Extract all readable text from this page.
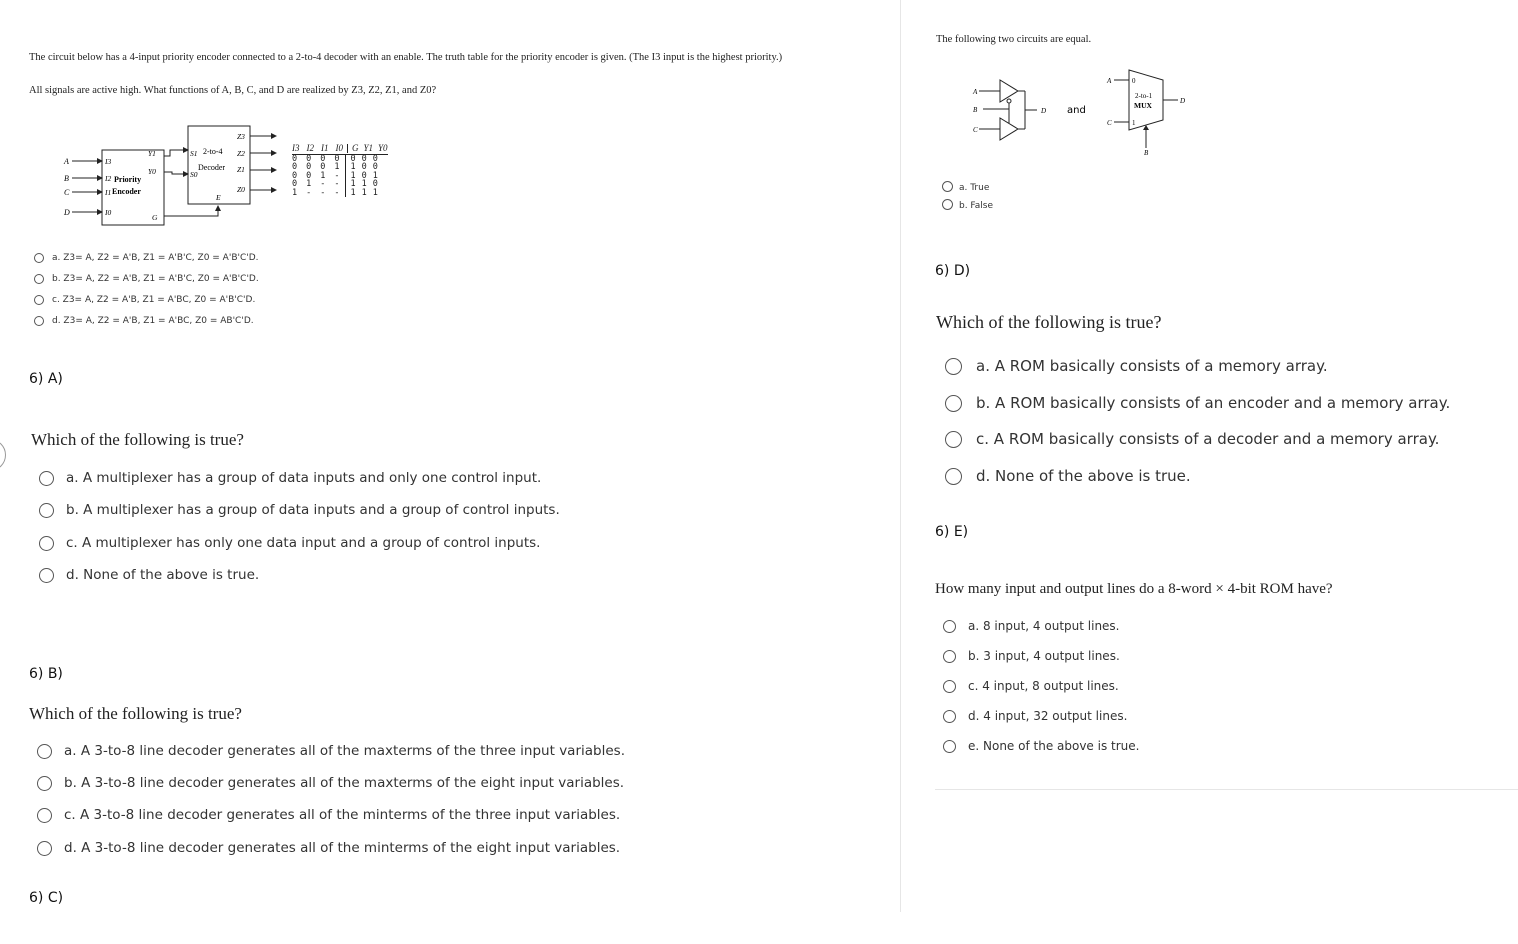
The circuit below has a 4-input priority encoder connected to a 2-to-4 decoder with an enable. The truth table for the priority encoder is given. (The I3 input is the highest priority.)
All signals are active high. What functions of A, B, C, and D are realized by Z3, Z2, Z1, and Z0?
A
B
C
D
I3
I2
I1
I0
Priority
Encoder
Y1
Y0
G
S1
S0
2-to-4
Decoder
Z3
Z2
Z1
Z0
E
I3 I2 I1 I0 G Y1 Y0
0 0 0 0 0 0 0
0 0 0 1 1 0 0
0 0 1 - 1 0 1
0 1 - - 1 1 0
1 - - - 1 1 1
a. Z3= A, Z2 = A'B, Z1 = A'B'C, Z0 = A'B'C'D.
b. Z3= A, Z2 = A'B, Z1 = A'B'C, Z0 = A'B'C'D.
c. Z3= A, Z2 = A'B, Z1 = A'BC, Z0 = A'B'C'D.
d. Z3= A, Z2 = A'B, Z1 = A'BC, Z0 = AB'C'D.
6) A)
Which of the following is true?
a. A multiplexer has a group of data inputs and only one control input.
b. A multiplexer has a group of data inputs and a group of control inputs.
c. A multiplexer has only one data input and a group of control inputs.
d. None of the above is true.
6) B)
Which of the following is true?
a. A 3-to-8 line decoder generates all of the maxterms of the three input variables.
b. A 3-to-8 line decoder generates all of the maxterms of the eight input variables.
c. A 3-to-8 line decoder generates all of the minterms of the three input variables.
d. A 3-to-8 line decoder generates all of the minterms of the eight input variables.
6) C)
The following two circuits are equal.
A
B
C
D and
A
C
0
1
2-to-1
MUX	D
B
a. True
b. False
6) D)
Which of the following is true?
a. A ROM basically consists of a memory array.
b. A ROM basically consists of an encoder and a memory array.
c. A ROM basically consists of a decoder and a memory array.
d. None of the above is true.
6) E)
How many input and output lines do a 8-word × 4-bit ROM have?
a. 8 input, 4 output lines.
b. 3 input, 4 output lines.
c. 4 input, 8 output lines.
d. 4 input, 32 output lines.
e. None of the above is true.
